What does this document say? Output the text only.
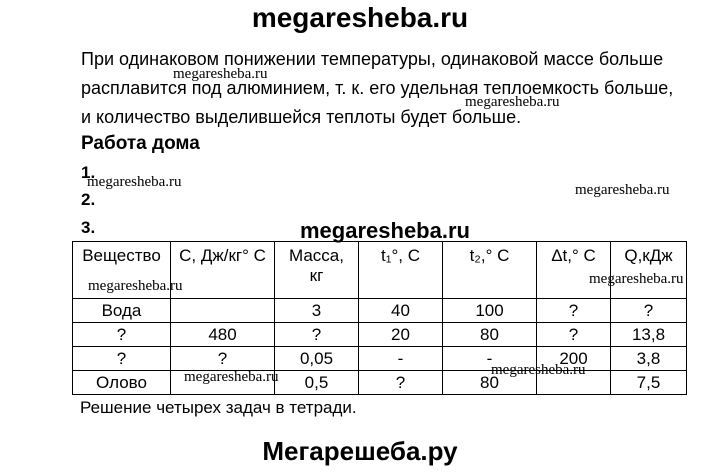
megaresheba.ru
При одинаковом понижении температуры, одинаковой массе больше
megaresheba.ru
расплавится под алюминием, т. к. его удельная теплоемкость больше,
megaresheba.ru
и количество выделившейся теплоты будет больше.
Работа дома
1.
megaresheba.ru	megaresheba.ru
2.
3.	megaresheba.ru
Вещество	С, Дж/кг° С	Масса, кг	t₁°, С	t₂,° С	Δt,° С	Q,кДж
Вода		3	40	100	?	?
?	480	?	20	80	?	13,8
?	?	0,05	-	-	200	3,8
Олово		0,5	?	80		7,5
megaresheba.ru	megaresheba.ru
megaresheba.ru	megaresheba.ru
Решение четырех задач в тетради.
Мегарешеба.ру
